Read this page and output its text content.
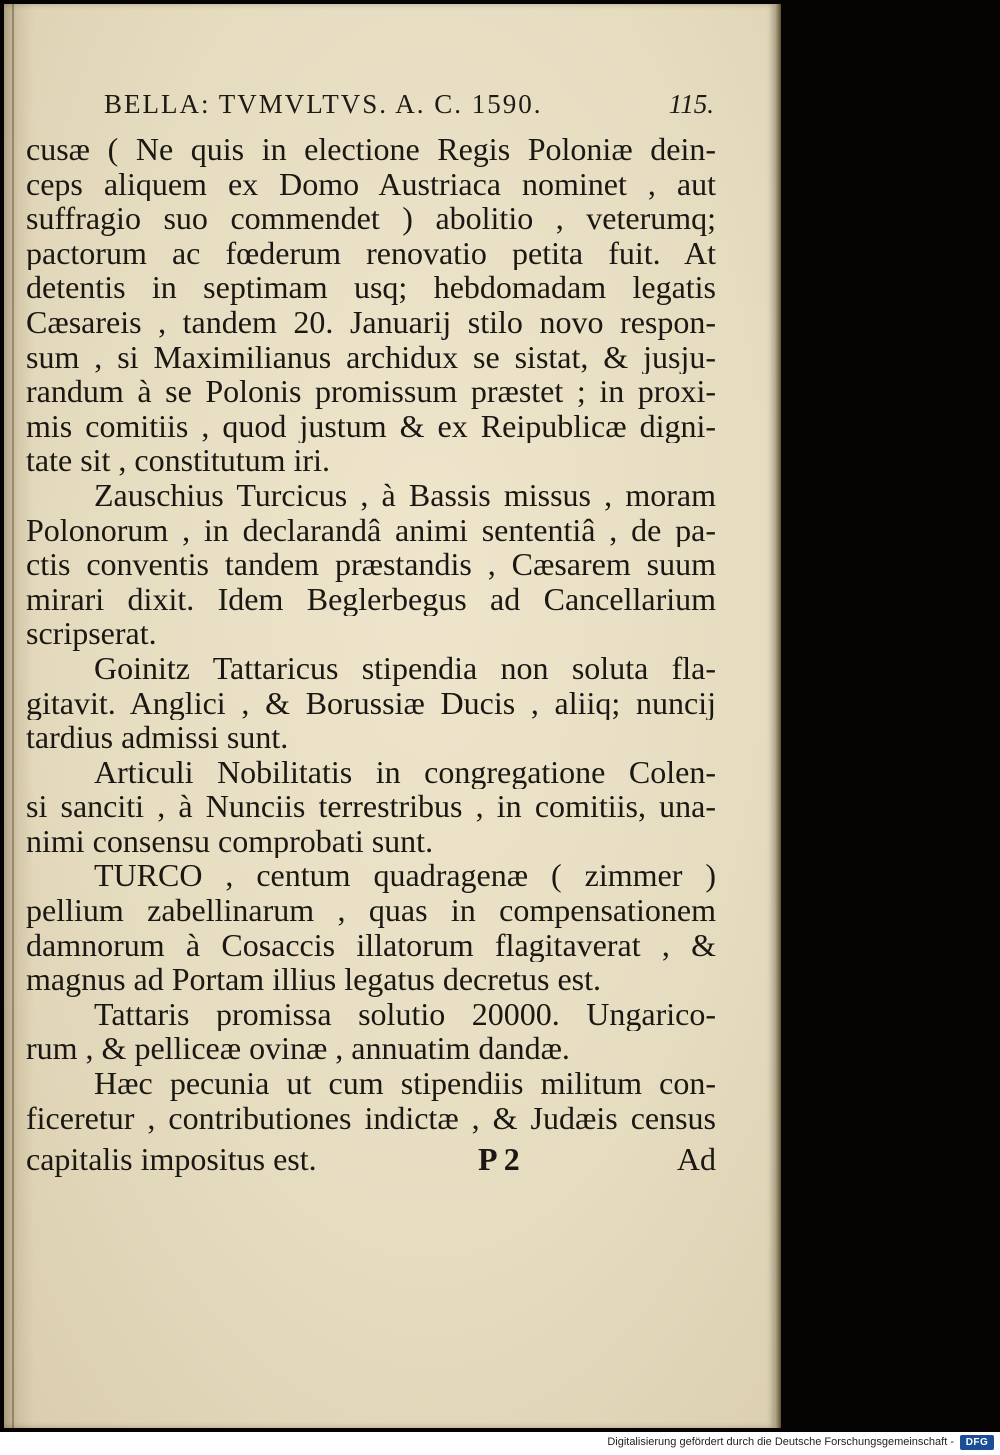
BELLA: TVMVLTVS. A. C. 1590.	115.
cusæ ( Ne quis in electione Regis Poloniæ dein-
ceps aliquem ex Domo Austriaca nominet , aut
suffragio suo commendet ) abolitio , veterumq;
pactorum ac fœderum renovatio petita fuit. At
detentis in septimam usq; hebdomadam legatis
Cæsareis , tandem 20. Januarij stilo novo respon-
sum , si Maximilianus archidux se sistat, & jusju-
randum à se Polonis promissum præstet ; in proxi-
mis comitiis , quod justum & ex Reipublicæ digni-
tate sit , constitutum iri.
Zauschius Turcicus , à Bassis missus , moram
Polonorum , in declarandâ animi sententiâ , de pa-
ctis conventis tandem præstandis , Cæsarem suum
mirari dixit. Idem Beglerbegus ad Cancellarium
scripserat.
Goinitz Tattaricus stipendia non soluta fla-
gitavit. Anglici , & Borussiæ Ducis , aliiq; nuncij
tardius admissi sunt.
Articuli Nobilitatis in congregatione Colen-
si sanciti , à Nunciis terrestribus , in comitiis, una-
nimi consensu comprobati sunt.
TURCO , centum quadragenæ ( zimmer )
pellium zabellinarum , quas in compensationem
damnorum à Cosaccis illatorum flagitaverat , &
magnus ad Portam illius legatus decretus est.
Tattaris promissa solutio 20000. Ungarico-
rum , & pelliceæ ovinæ , annuatim dandæ.
Hæc pecunia ut cum stipendiis militum con-
ficeretur , contributiones indictæ , & Judæis census
capitalis impositus est.	P 2	Ad
Digitalisierung gefördert durch die Deutsche Forschungsgemeinschaft -	DFG
